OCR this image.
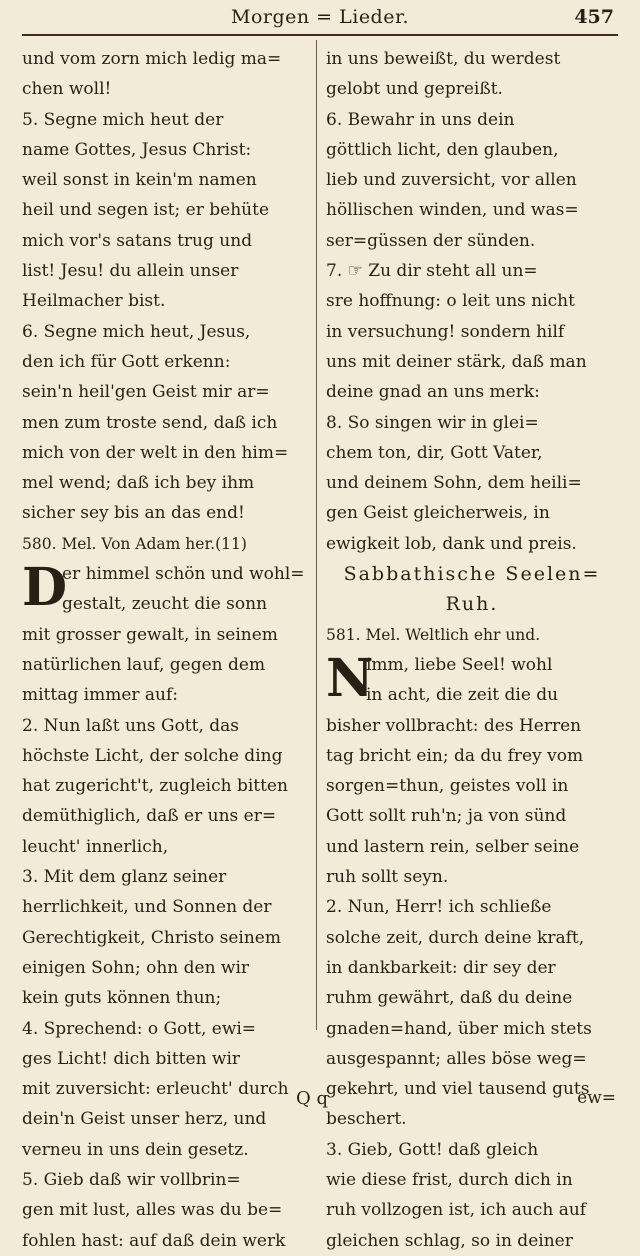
Morgen = Lieder.	457
und vom zorn mich ledig ma=
chen woll!
5. Segne mich heut der
name Gottes, Jesus Christ:
weil sonst in kein'm namen
heil und segen ist; er behüte
mich vor's satans trug und
list! Jesu! du allein unser
Heilmacher bist.
6. Segne mich heut, Jesus,
den ich für Gott erkenn:
sein'n heil'gen Geist mir ar=
men zum troste send, daß ich
mich von der welt in den him=
mel wend; daß ich bey ihm
sicher sey bis an das end!
580. Mel. Von Adam her.(11)
D
er himmel schön und wohl=
gestalt, zeucht die sonn
mit grosser gewalt, in seinem
natürlichen lauf, gegen dem
mittag immer auf:
2. Nun laßt uns Gott, das
höchste Licht, der solche ding
hat zugericht't, zugleich bitten
demüthiglich, daß er uns er=
leucht' innerlich,
3. Mit dem glanz seiner
herrlichkeit, und Sonnen der
Gerechtigkeit, Christo seinem
einigen Sohn; ohn den wir
kein guts können thun;
4. Sprechend: o Gott, ewi=
ges Licht! dich bitten wir
mit zuversicht: erleucht' durch
dein'n Geist unser herz, und
verneu in uns dein gesetz.
5. Gieb daß wir vollbrin=
gen mit lust, alles was du be=
fohlen hast: auf daß dein werk
in uns beweißt, du werdest
gelobt und gepreißt.
6. Bewahr in uns dein
göttlich licht, den glauben,
lieb und zuversicht, vor allen
höllischen winden, und was=
ser=güssen der sünden.
7. ☞ Zu dir steht all un=
sre hoffnung: o leit uns nicht
in versuchung! sondern hilf
uns mit deiner stärk, daß man
deine gnad an uns merk:
8. So singen wir in glei=
chem ton, dir, Gott Vater,
und deinem Sohn, dem heili=
gen Geist gleicherweis, in
ewigkeit lob, dank und preis.
Sabbathische Seelen=
Ruh.
581. Mel. Weltlich ehr und.
N
imm, liebe Seel! wohl
in acht, die zeit die du
bisher vollbracht: des Herren
tag bricht ein; da du frey vom
sorgen=thun, geistes voll in
Gott sollt ruh'n; ja von sünd
und lastern rein, selber seine
ruh sollt seyn.
2. Nun, Herr! ich schließe
solche zeit, durch deine kraft,
in dankbarkeit: dir sey der
ruhm gewährt, daß du deine
gnaden=hand, über mich stets
ausgespannt; alles böse weg=
gekehrt, und viel tausend guts
beschert.
3. Gieb, Gott! daß gleich
wie diese frist, durch dich in
ruh vollzogen ist, ich auch auf
gleichen schlag, so in deiner
Q q	ew=
